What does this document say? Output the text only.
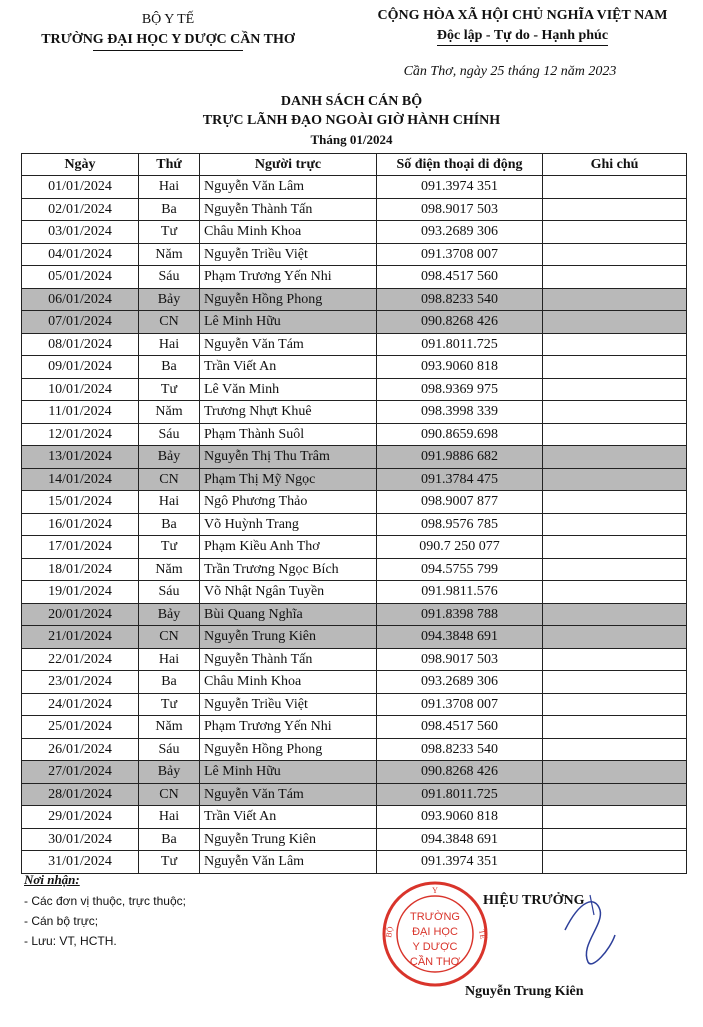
BỘ Y TẾ
TRƯỜNG ĐẠI HỌC Y DƯỢC CẦN THƠ
CỘNG HÒA XÃ HỘI CHỦ NGHĨA VIỆT NAM
Độc lập - Tự do - Hạnh phúc
Cần Thơ, ngày 25 tháng 12 năm 2023
DANH SÁCH CÁN BỘ
TRỰC LÃNH ĐẠO NGOÀI GIỜ HÀNH CHÍNH
Tháng 01/2024
Ngày	Thứ	Người trực	Số điện thoại di động	Ghi chú
01/01/2024	Hai	Nguyễn Văn Lâm	091.3974 351	
02/01/2024	Ba	Nguyễn Thành Tấn	098.9017 503	
03/01/2024	Tư	Châu Minh Khoa	093.2689 306	
04/01/2024	Năm	Nguyễn Triều Việt	091.3708 007	
05/01/2024	Sáu	Phạm Trương Yến Nhi	098.4517 560	
06/01/2024	Bảy	Nguyễn Hồng Phong	098.8233 540	
07/01/2024	CN	Lê Minh Hữu	090.8268 426	
08/01/2024	Hai	Nguyễn Văn Tám	091.8011.725	
09/01/2024	Ba	Trần Viết An	093.9060 818	
10/01/2024	Tư	Lê Văn Minh	098.9369 975	
11/01/2024	Năm	Trương Nhựt Khuê	098.3998 339	
12/01/2024	Sáu	Phạm Thành Suôl	090.8659.698	
13/01/2024	Bảy	Nguyễn Thị Thu Trâm	091.9886 682	
14/01/2024	CN	Phạm Thị Mỹ Ngọc	091.3784 475	
15/01/2024	Hai	Ngô Phương Thảo	098.9007 877	
16/01/2024	Ba	Võ Huỳnh Trang	098.9576 785	
17/01/2024	Tư	Phạm Kiều Anh Thơ	090.7 250 077	
18/01/2024	Năm	Trần Trương Ngọc Bích	094.5755 799	
19/01/2024	Sáu	Võ Nhật Ngân Tuyền	091.9811.576	
20/01/2024	Bảy	Bùi Quang Nghĩa	091.8398 788	
21/01/2024	CN	Nguyễn Trung Kiên	094.3848 691	
22/01/2024	Hai	Nguyễn Thành Tấn	098.9017 503	
23/01/2024	Ba	Châu Minh Khoa	093.2689 306	
24/01/2024	Tư	Nguyễn Triều Việt	091.3708 007	
25/01/2024	Năm	Phạm Trương Yến Nhi	098.4517 560	
26/01/2024	Sáu	Nguyễn Hồng Phong	098.8233 540	
27/01/2024	Bảy	Lê Minh Hữu	090.8268 426	
28/01/2024	CN	Nguyễn Văn Tám	091.8011.725	
29/01/2024	Hai	Trần Viết An	093.9060 818	
30/01/2024	Ba	Nguyễn Trung Kiên	094.3848 691	
31/01/2024	Tư	Nguyễn Văn Lâm	091.3974 351	
Nơi nhận:
- Các đơn vị thuộc, trực thuộc;
- Cán bộ trực;
- Lưu: VT, HCTH.
Y
BỘ	TẾ
TRƯỜNG
ĐẠI HỌC
Y DƯỢC
CẦN THƠ
HIỆU TRƯỞNG
Nguyễn Trung Kiên
